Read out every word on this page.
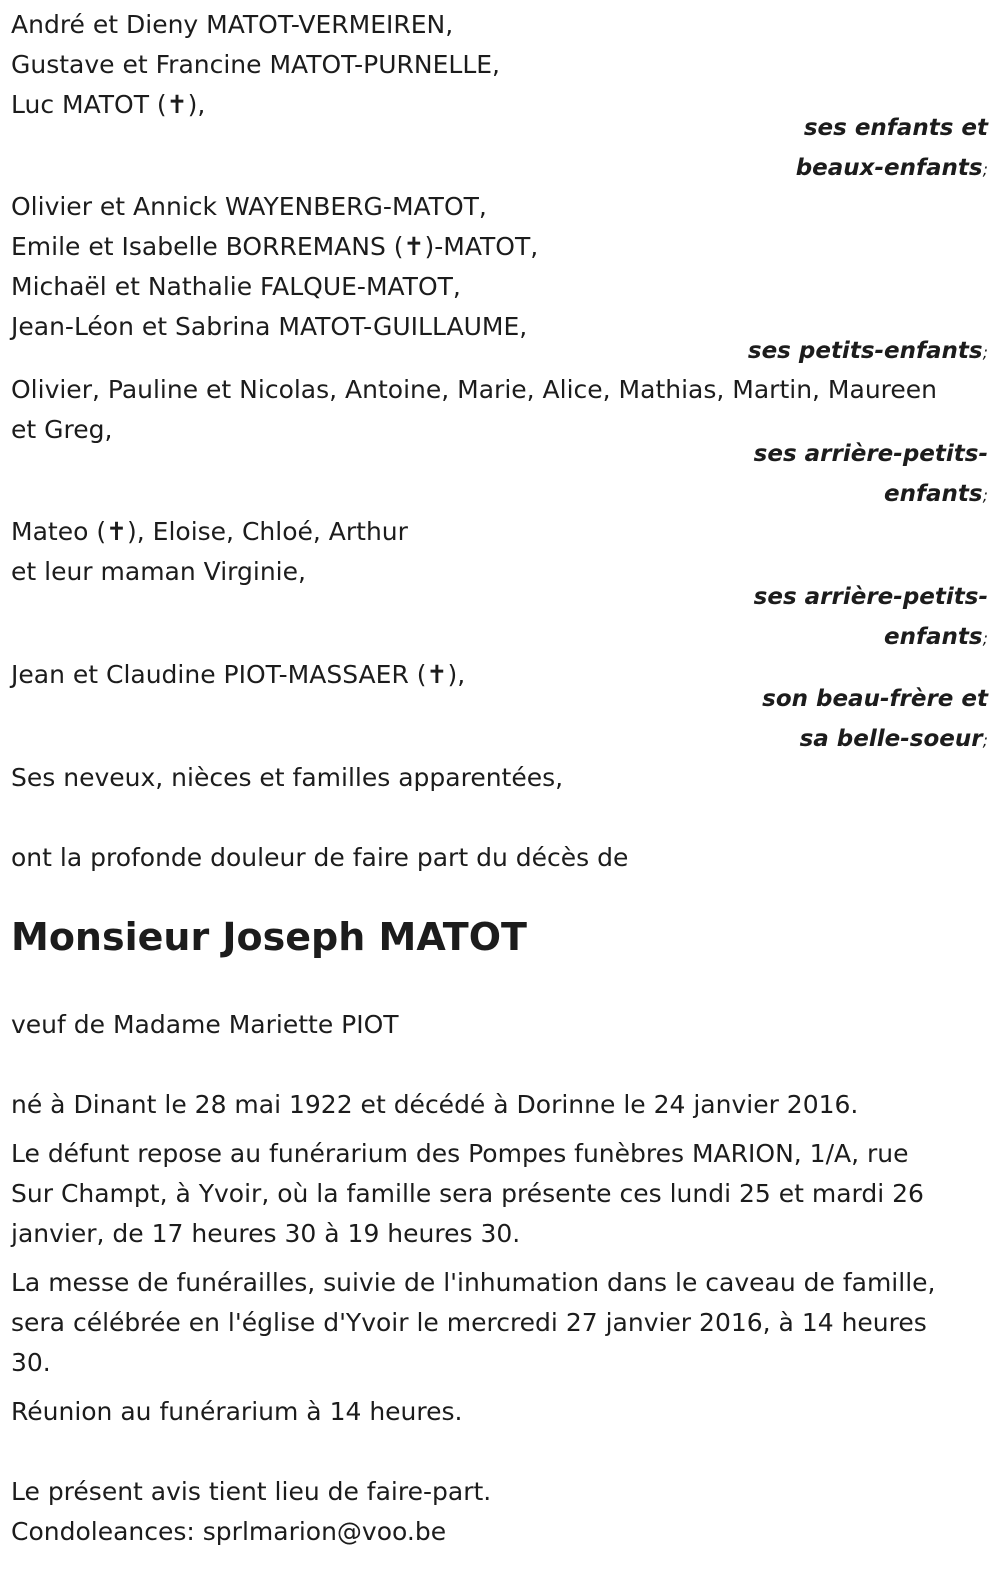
André et Dieny MATOT-VERMEIREN,
Gustave et Francine MATOT-PURNELLE,
Luc MATOT (✝),
ses enfants et
beaux-enfants;
Olivier et Annick WAYENBERG-MATOT,
Emile et Isabelle BORREMANS (✝)-MATOT,
Michaël et Nathalie FALQUE-MATOT,
Jean-Léon et Sabrina MATOT-GUILLAUME,
ses petits-enfants;
Olivier, Pauline et Nicolas, Antoine, Marie, Alice, Mathias, Martin, Maureen
et Greg,
ses arrière-petits-
enfants;
Mateo (✝), Eloise, Chloé, Arthur
et leur maman Virginie,
ses arrière-petits-
enfants;
Jean et Claudine PIOT-MASSAER (✝),
son beau-frère et
sa belle-soeur;
Ses neveux, nièces et familles apparentées,
ont la profonde douleur de faire part du décès de
Monsieur Joseph MATOT
veuf de Madame Mariette PIOT
né à Dinant le 28 mai 1922 et décédé à Dorinne le 24 janvier 2016.
Le défunt repose au funérarium des Pompes funèbres MARION, 1/A, rue
Sur Champt, à Yvoir, où la famille sera présente ces lundi 25 et mardi 26
janvier, de 17 heures 30 à 19 heures 30.
La messe de funérailles, suivie de l'inhumation dans le caveau de famille,
sera célébrée en l'église d'Yvoir le mercredi 27 janvier 2016, à 14 heures
30.
Réunion au funérarium à 14 heures.
Le présent avis tient lieu de faire-part.
Condoleances: sprlmarion@voo.be
